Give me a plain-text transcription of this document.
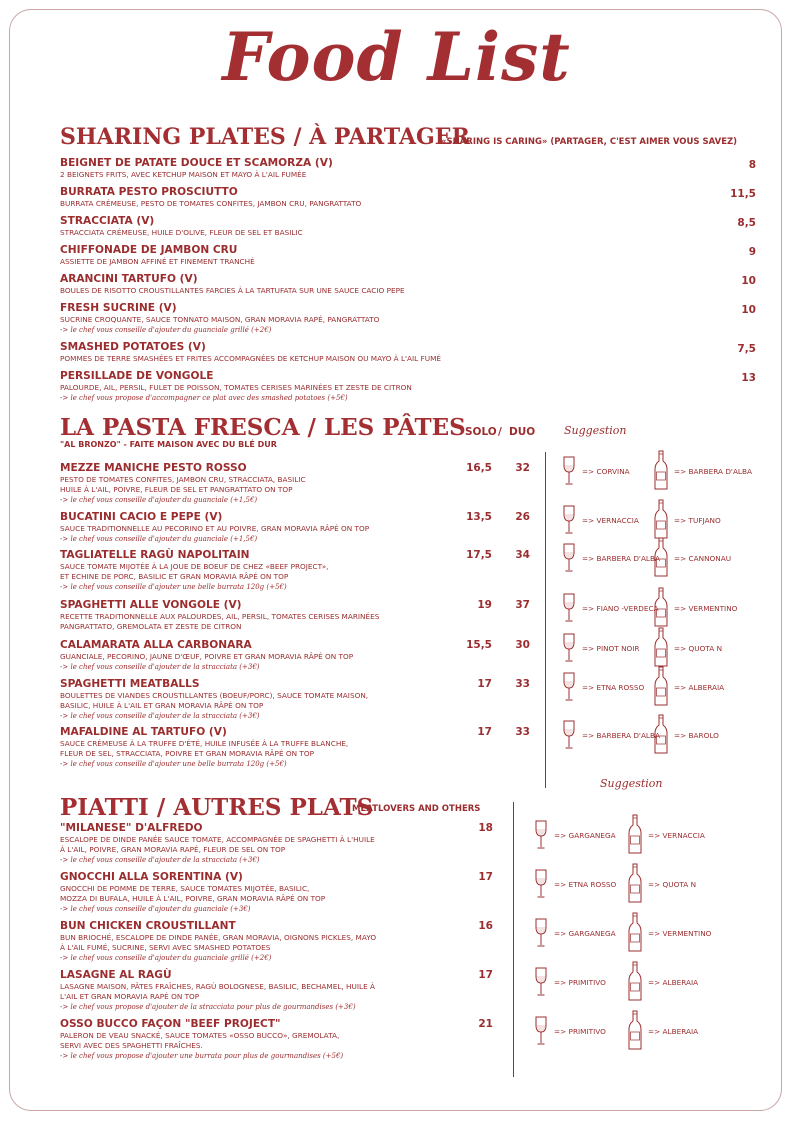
Food List
SHARING PLATES / À PARTAGER
«SHARING IS CARING» (PARTAGER, C'EST AIMER VOUS SAVEZ)
BEIGNET DE PATATE DOUCE ET SCAMORZA (V)
2 BEIGNETS FRITS, AVEC KETCHUP MAISON ET MAYO À L'AIL FUMÉE
8
BURRATA PESTO PROSCIUTTO
BURRATA CRÉMEUSE, PESTO DE TOMATES CONFITES, JAMBON CRU, PANGRATTATO
11,5
STRACCIATA (V)
STRACCIATA CRÉMEUSE, HUILE D'OLIVE, FLEUR DE SEL ET BASILIC
8,5
CHIFFONADE DE JAMBON CRU
ASSIETTE DE JAMBON AFFINÉ ET FINEMENT TRANCHÉ
9
ARANCINI TARTUFO (V)
BOULES DE RISOTTO CROUSTILLANTES FARCIES À LA TARTUFATA SUR UNE SAUCE CACIO PEPE
10
FRESH SUCRINE (V)
SUCRINE CROQUANTE, SAUCE TONNATO MAISON, GRAN MORAVIA RAPÉ, PANGRATTATO
-> le chef vous conseille d'ajouter du guanciale grillé (+2€)
10
SMASHED POTATOES (V)
POMMES DE TERRE SMASHÉES ET FRITES ACCOMPAGNÉES DE KETCHUP MAISON OU MAYO À L'AIL FUMÉ
7,5
PERSILLADE DE VONGOLE
PALOURDE, AIL, PERSIL, FULET DE POISSON, TOMATES CERISES MARINÉES ET ZESTE DE CITRON
-> le chef vous propose d'accompagner ce plat avec des smashed potatoes (+5€)
13
LA PASTA FRESCA / LES PÂTES
"AL BRONZO" - FAITE MAISON AVEC DU BLÉ DUR
SOLO / DUO	Suggestion
MEZZE MANICHE PESTO ROSSO
PESTO DE TOMATES CONFITES, JAMBON CRU, STRACCIATA, BASILIC
HUILE À L'AIL, POIVRE, FLEUR DE SEL ET PANGRATTATO ON TOP
-> le chef vous conseille d'ajouter du guanciale (+1,5€)
16,5 32	=> CORVINA	=> BARBERA D'ALBA
BUCATINI CACIO E PEPE (V)
SAUCE TRADITIONNELLE AU PECORINO ET AU POIVRE, GRAN MORAVIA RÂPÉ ON TOP
-> le chef vous conseille d'ajouter du guanciale (+1,5€)
13,5 26	=> VERNACCIA	=> TUFJANO
TAGLIATELLE RAGÙ NAPOLITAIN
SAUCE TOMATE MIJOTÉE À LA JOUE DE BOEUF DE CHEZ «BEEF PROJECT»,
ET ECHINE DE PORC, BASILIC ET GRAN MORAVIA RÂPÉ ON TOP
-> le chef vous conseille d'ajouter une belle burrata 120g (+5€)
17,5 34	=> BARBERA D'ALBA => CANNONAU
SPAGHETTI ALLE VONGOLE (V)
RECETTE TRADITIONNELLE AUX PALOURDES, AIL, PERSIL, TOMATES CERISES MARINÉES
PANGRATTATO, GREMOLATA ET ZESTE DE CITRON
19 37	=> FIANO -VERDECA => VERMENTINO
CALAMARATA ALLA CARBONARA
GUANCIALE, PECORINO, JAUNE D'ŒUF, POIVRE ET GRAN MORAVIA RÂPÉ ON TOP
-> le chef vous conseille d'ajouter de la stracciata (+3€)
15,5 30	=> PINOT NOIR	=> QUOTA N
SPAGHETTI MEATBALLS
BOULETTES DE VIANDES CROUSTILLANTES (BOEUF/PORC), SAUCE TOMATE MAISON,
BASILIC, HUILE À L'AIL ET GRAN MORAVIA RÂPÉ ON TOP
-> le chef vous conseille d'ajouter de la stracciata (+3€)
17 33	=> ETNA ROSSO	=> ALBERAIA
MAFALDINE AL TARTUFO (V)
SAUCE CRÉMEUSE À LA TRUFFE D'ÉTÉ, HUILE INFUSÉE À LA TRUFFE BLANCHE,
FLEUR DE SEL, STRACCIATA, POIVRE ET GRAN MORAVIA RÂPÉ ON TOP
-> le chef vous conseille d'ajouter une belle burrata 120g (+5€)
17 33	=> BARBERA D'ALBA => BAROLO
PIATTI / AUTRES PLATS
MEATLOVERS AND OTHERS
Suggestion
"MILANESE" D'ALFREDO
ESCALOPE DE DINDE PANÉE SAUCE TOMATE, ACCOMPAGNÉE DE SPAGHETTI À L'HUILE
À L'AIL, POIVRE, GRAN MORAVIA RAPÉ, FLEUR DE SEL ON TOP
-> le chef vous conseille d'ajouter de la stracciata (+3€)
18
=> GARGANEGA	=> VERNACCIA
GNOCCHI ALLA SORENTINA (V)
GNOCCHI DE POMME DE TERRE, SAUCE TOMATES MIJOTÉE, BASILIC,
MOZZA DI BUFALA, HUILE À L'AIL, POIVRE, GRAN MORAVIA RÂPÉ ON TOP
-> le chef vous conseille d'ajouter du guanciale (+3€)
17
=> ETNA ROSSO	=> QUOTA N
BUN CHICKEN CROUSTILLANT
BUN BRIOCHÉ, ESCALOPE DE DINDE PANÉE, GRAN MORAVIA, OIGNONS PICKLES, MAYO
À L'AIL FUMÉ, SUCRINE, SERVI AVEC SMASHED POTATOES
-> le chef vous conseille d'ajouter du guanciale grillé (+2€)
16
=> GARGANEGA	=> VERMENTINO
LASAGNE AL RAGÙ
LASAGNE MAISON, PÂTES FRAÎCHES, RAGÙ BOLOGNESE, BASILIC, BECHAMEL, HUILE À
L'AIL ET GRAN MORAVIA RAPÉ ON TOP
-> le chef vous propose d'ajouter de la stracciata pour plus de gourmandises (+3€)
17
=> PRIMITIVO	=> ALBERAIA
OSSO BUCCO FAÇON "BEEF PROJECT"
PALERON DE VEAU SNACKÉ, SAUCE TOMATES «OSSO BUCCO», GREMOLATA,
SERVI AVEC DES SPAGHETTI FRAÎCHES.
-> le chef vous propose d'ajouter une burrata pour plus de gourmandises (+5€)
21
=> PRIMITIVO	=> ALBERAIA
